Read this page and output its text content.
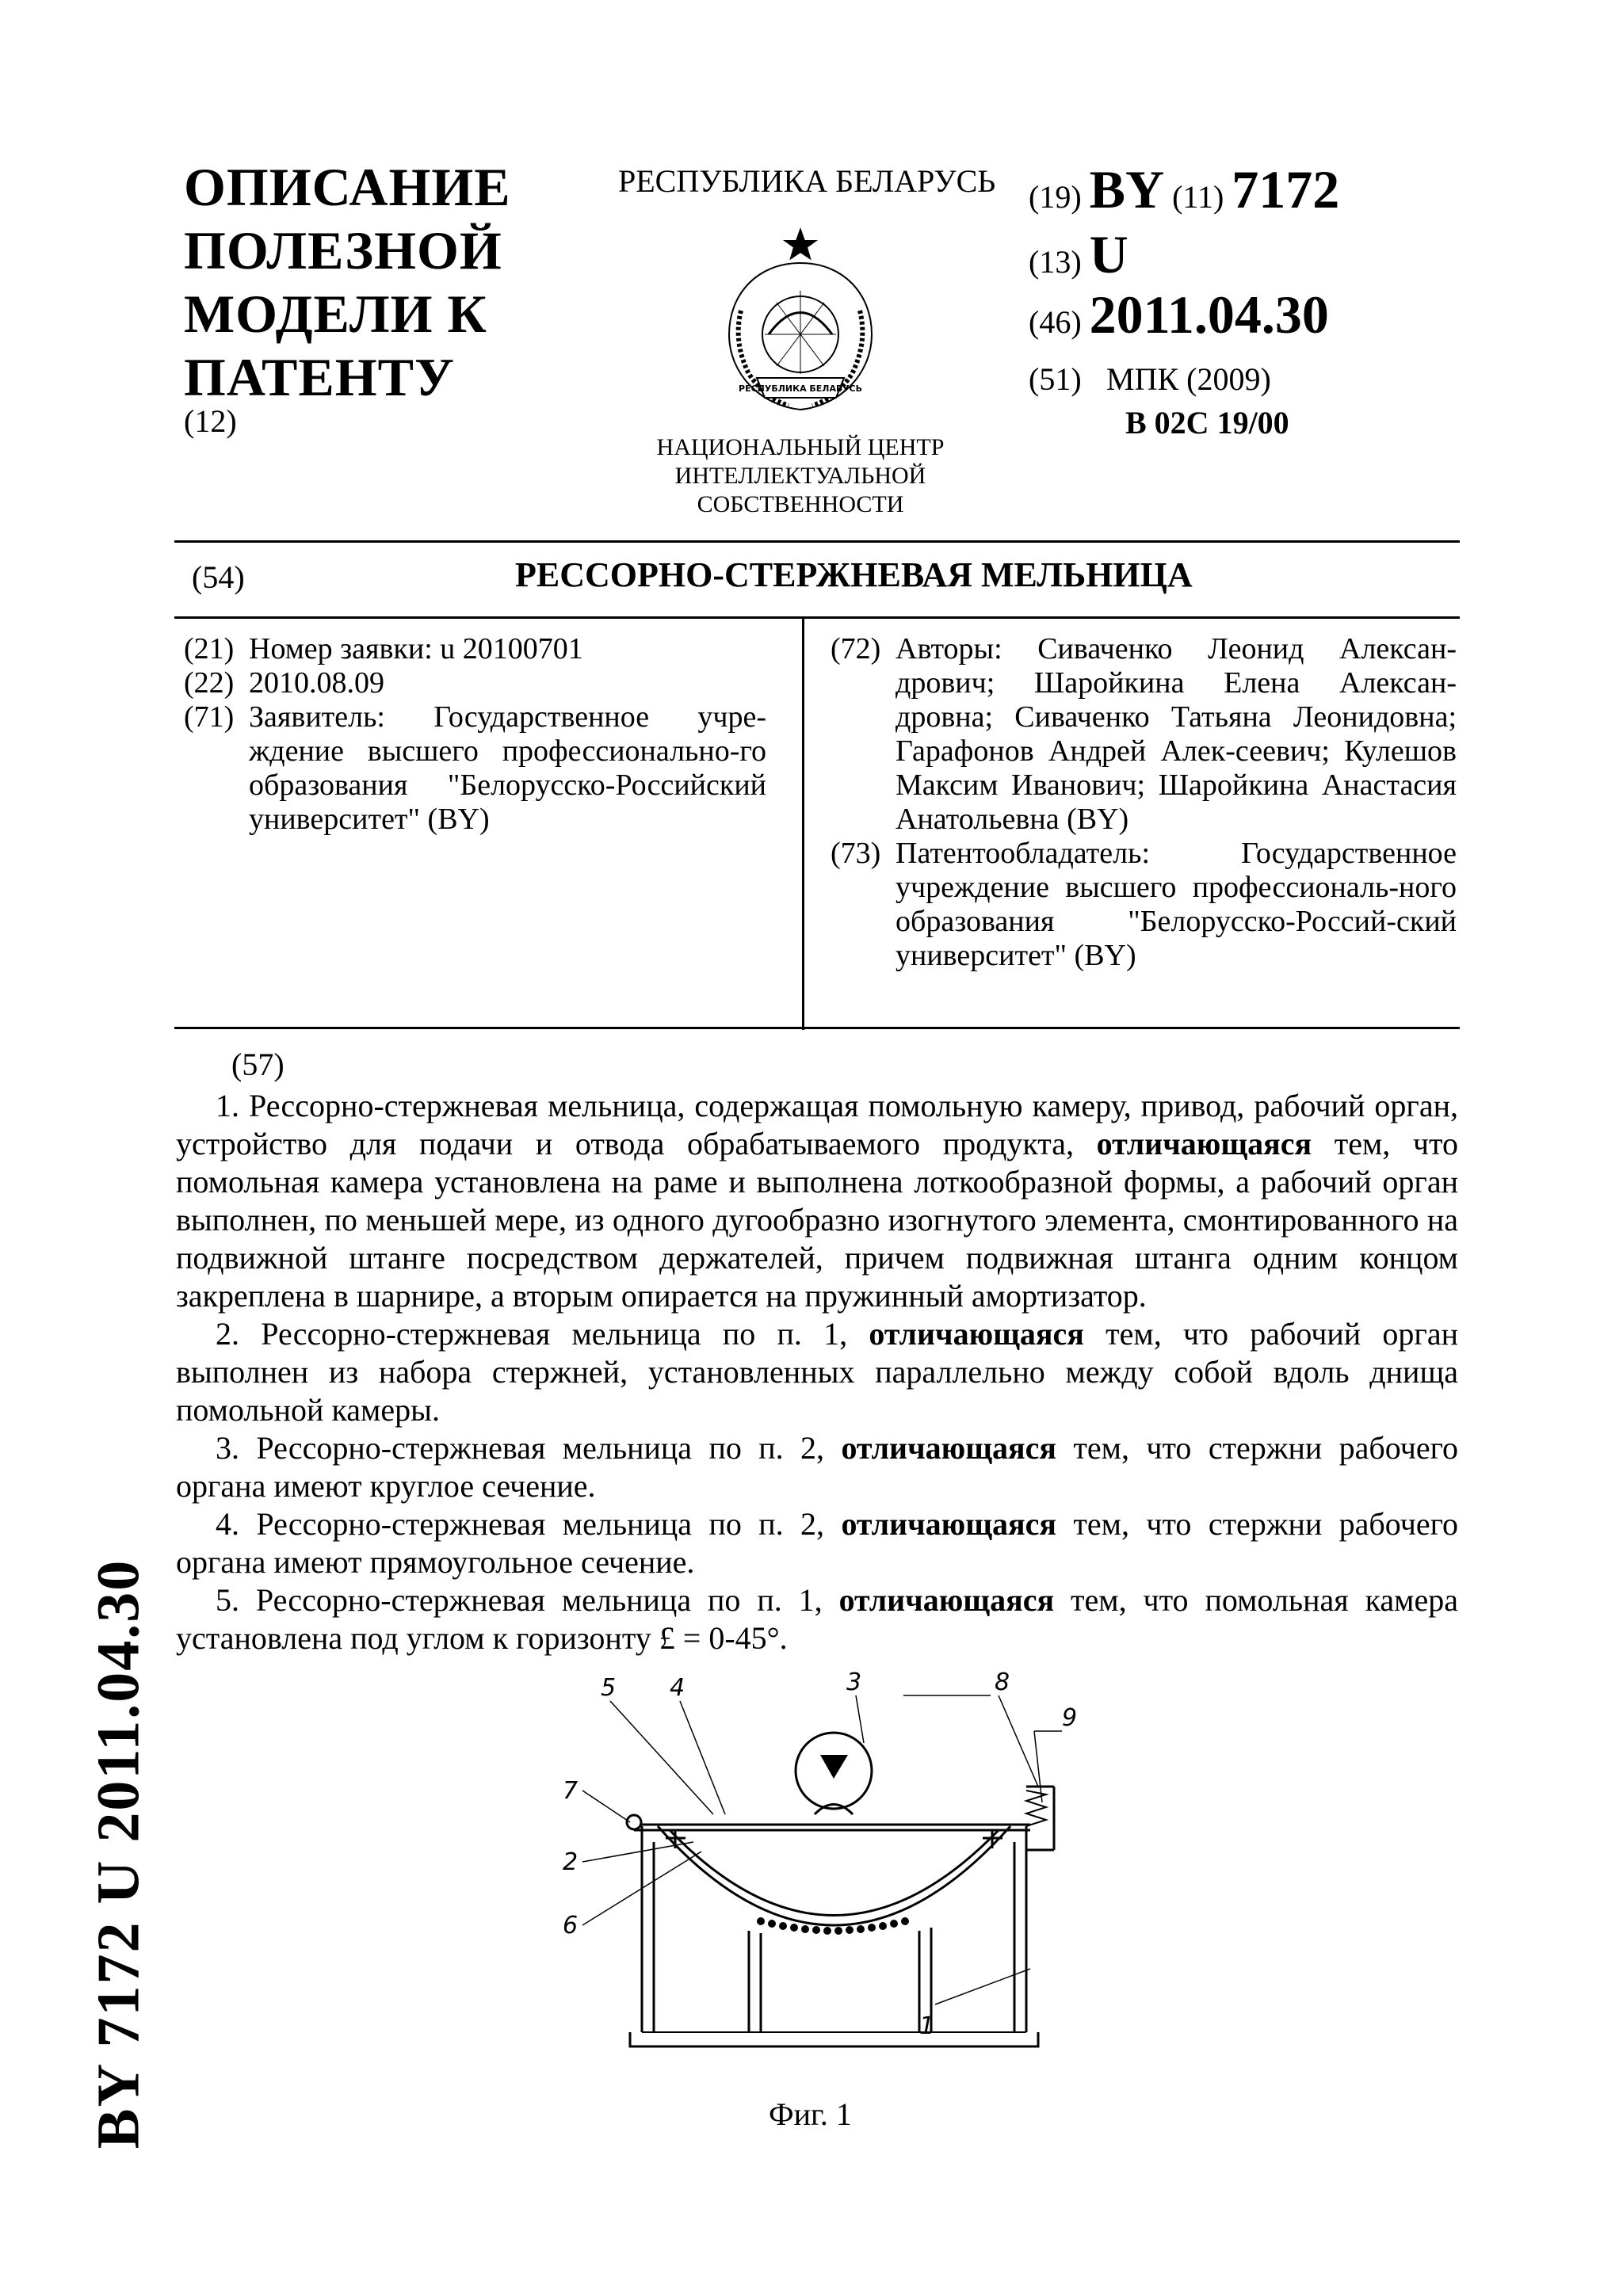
ОПИСАНИЕ
ПОЛЕЗНОЙ
МОДЕЛИ К
ПАТЕНТУ
(12)
РЕСПУБЛИКА БЕЛАРУСЬ
РЕСПУБЛИКА БЕЛАРУСЬ
НАЦИОНАЛЬНЫЙ ЦЕНТР
ИНТЕЛЛЕКТУАЛЬНОЙ
СОБСТВЕННОСТИ
(19) BY (11) 7172
(13) U
(46) 2011.04.30
(51) МПК (2009)
B 02C 19/00
(54)	РЕССОРНО-СТЕРЖНЕВАЯ МЕЛЬНИЦА
(21) Номер заявки: u 20100701
(22) 2010.08.09
(71) Заявитель: Государственное учре-ждение высшего профессионально-го образования "Белорусско-Российский университет" (BY)
(72) Авторы: Сиваченко Леонид Алексан-дрович; Шаройкина Елена Алексан-дровна; Сиваченко Татьяна Леонидовна; Гарафонов Андрей Алек-сеевич; Кулешов Максим Иванович; Шаройкина Анастасия Анатольевна (BY)
(73) Патентообладатель: Государственное учреждение высшего профессиональ-ного образования "Белорусско-Россий-ский университет" (BY)

(57)

1. Рессорно-стержневая мельница, содержащая помольную камеру, привод, рабочий орган, устройство для подачи и отвода обрабатываемого продукта, отличающаяся тем, что помольная камера установлена на раме и выполнена лоткообразной формы, а рабочий орган выполнен, по меньшей мере, из одного дугообразно изогнутого элемента, смонтированного на подвижной штанге посредством держателей, причем подвижная штанга одним концом закреплена в шарнире, а вторым опирается на пружинный амортизатор.

2. Рессорно-стержневая мельница по п. 1, отличающаяся тем, что рабочий орган выполнен из набора стержней, установленных параллельно между собой вдоль днища помольной камеры.

3. Рессорно-стержневая мельница по п. 2, отличающаяся тем, что стержни рабочего органа имеют круглое сечение.

4. Рессорно-стержневая мельница по п. 2, отличающаяся тем, что стержни рабочего органа имеют прямоугольное сечение.

5. Рессорно-стержневая мельница по п. 1, отличающаяся тем, что помольная камера установлена под углом к горизонту £ = 0-45°.

1
2
3
4
5
6
7
8
9
Фиг. 1
BY 7172 U 2011.04.30
